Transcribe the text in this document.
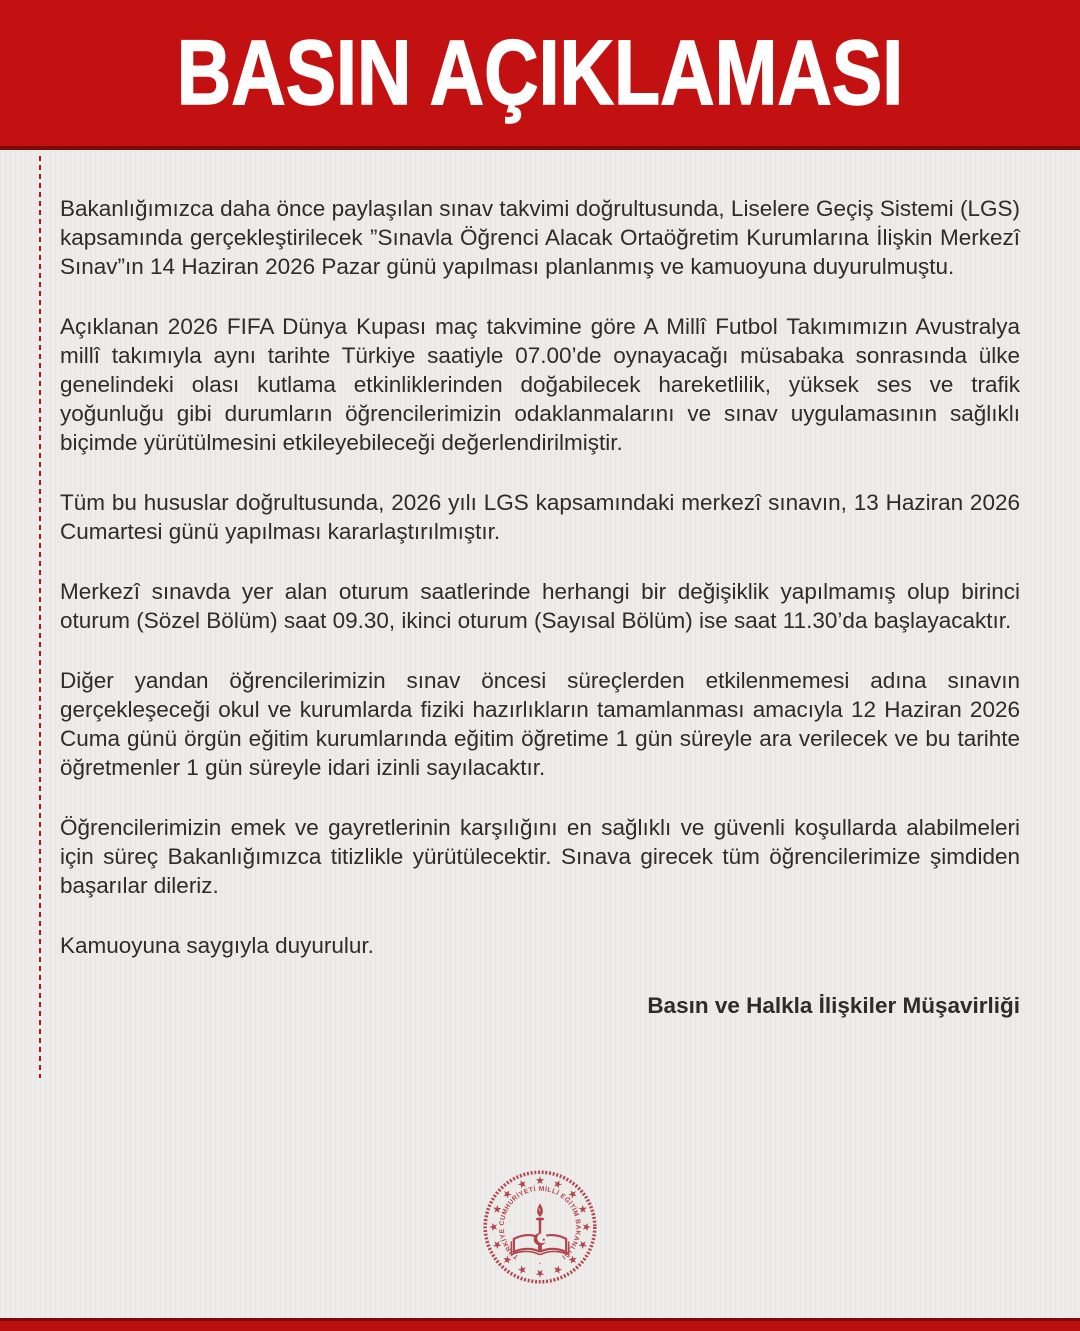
BASIN AÇIKLAMASI

Bakanlığımızca daha önce paylaşılan sınav takvimi doğrultusunda, Liselere Geçiş Sistemi (LGS) kapsamında gerçekleştirilecek ”Sınavla Öğrenci Alacak Ortaöğretim Kurumlarına İlişkin Merkezî Sınav”ın 14 Haziran 2026 Pazar günü yapılması planlanmış ve kamuoyuna duyurulmuştu.

Açıklanan 2026 FIFA Dünya Kupası maç takvimine göre A Millî Futbol Takımımızın Avustralya millî takımıyla aynı tarihte Türkiye saatiyle 07.00’de oynayacağı müsabaka sonrasında ülke genelindeki olası kutlama etkinliklerinden doğabilecek hareketlilik, yüksek ses ve trafik yoğunluğu gibi durumların öğrencilerimizin odaklanmalarını ve sınav uygulamasının sağlıklı biçimde yürütülmesini etkileyebileceği değerlendirilmiştir.

Tüm bu hususlar doğrultusunda, 2026 yılı LGS kapsamındaki merkezî sınavın, 13 Haziran 2026 Cumartesi günü yapılması kararlaştırılmıştır.

Merkezî sınavda yer alan oturum saatlerinde herhangi bir değişiklik yapılmamış olup birinci oturum (Sözel Bölüm) saat 09.30, ikinci oturum (Sayısal Bölüm) ise saat 11.30’da başlayacaktır.

Diğer yandan öğrencilerimizin sınav öncesi süreçlerden etkilenmemesi adına sınavın gerçekleşeceği okul ve kurumlarda fiziki hazırlıkların tamamlanması amacıyla 12 Haziran 2026 Cuma günü örgün eğitim kurumlarında eğitim öğretime 1 gün süreyle ara verilecek ve bu tarihte öğretmenler 1 gün süreyle idari izinli sayılacaktır.

Öğrencilerimizin emek ve gayretlerinin karşılığını en sağlıklı ve güvenli koşullarda alabilmeleri için süreç Bakanlığımızca titizlikle yürütülecektir. Sınava girecek tüm öğrencilerimize şimdiden başarılar dileriz.

Kamuoyuna saygıyla duyurulur.

Basın ve Halkla İlişkiler Müşavirliği

TÜRKİYE CUMHURİYETİ MİLLİ EĞİTİM BAKANLIĞI
·
